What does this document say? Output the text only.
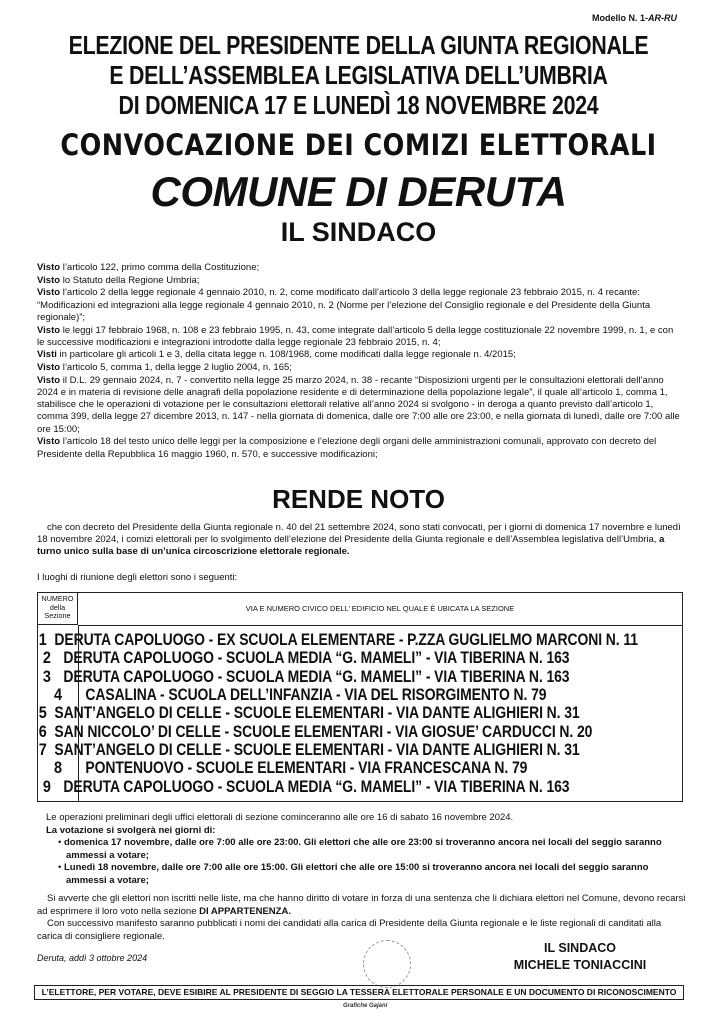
Modello N. 1-AR-RU
ELEZIONE DEL PRESIDENTE DELLA GIUNTA REGIONALE
E DELL’ASSEMBLEA LEGISLATIVA DELL’UMBRIA
DI DOMENICA 17 E LUNEDÌ 18 NOVEMBRE 2024
CONVOCAZIONE DEI COMIZI ELETTORALI
COMUNE DI DERUTA
IL SINDACO

Visto l’articolo 122, primo comma della Costituzione;

Visto lo Statuto della Regione Umbria;

Visto l’articolo 2 della legge regionale 4 gennaio 2010, n. 2, come modificato dall’articolo 3 della legge regionale 23 febbraio 2015, n. 4 recante: “Modificazioni ed integrazioni alla legge regionale 4 gennaio 2010, n. 2 (Norme per l’elezione del Consiglio regionale e del Presidente della Giunta regionale)”;

Visto le leggi 17 febbraio 1968, n. 108 e 23 febbraio 1995, n. 43, come integrate dall’articolo 5 della legge costituzionale 22 novembre 1999, n. 1, e con le successive modificazioni e integrazioni introdotte dalla legge regionale 23 febbraio 2015, n. 4;

Visti in particolare gli articoli 1 e 3, della citata legge n. 108/1968, come modificati dalla legge regionale n. 4/2015;

Visto l’articolo 5, comma 1, della legge 2 luglio 2004, n. 165;

Visto il D.L. 29 gennaio 2024, n. 7 - convertito nella legge 25 marzo 2024, n. 38 - recante “Disposizioni urgenti per le consultazioni elettorali dell’anno 2024 e in materia di revisione delle anagrafi della popolazione residente e di determinazione della popolazione legale”, il quale all’articolo 1, comma 1, stabilisce che le operazioni di votazione per le consultazioni elettorali relative all’anno 2024 si svolgono - in deroga a quanto previsto dall’articolo 1, comma 399, della legge 27 dicembre 2013, n. 147 - nella giornata di domenica, dalle ore 7:00 alle ore 23:00, e nella giornata di lunedì, dalle ore 7:00 alle ore 15:00;

Visto l’articolo 18 del testo unico delle leggi per la composizione e l’elezione degli organi delle amministrazioni comunali, approvato con decreto del Presidente della Repubblica 16 maggio 1960, n. 570, e successive modificazioni;

RENDE NOTO
che con decreto del Presidente della Giunta regionale n. 40 del 21 settembre 2024, sono stati convocati, per i giorni di domenica 17 novembre e lunedì 18 novembre 2024, i comizi elettorali per lo svolgimento dell’elezione del Presidente della Giunta regionale e dell’Assemblea legislativa dell’Umbria, a turno unico sulla base di un’unica circoscrizione elettorale regionale.
I luoghi di riunione degli elettori sono i seguenti:
NUMERO
della
Sezione
VIA E NUMERO CIVICO DELL’ EDIFICIO NEL QUALE È UBICATA LA SEZIONE
1 DERUTA CAPOLUOGO - EX SCUOLA ELEMENTARE - P.ZZA GUGLIELMO MARCONI N. 11
2 DERUTA CAPOLUOGO - SCUOLA MEDIA “G. MAMELI” - VIA TIBERINA N. 163
3 DERUTA CAPOLUOGO - SCUOLA MEDIA “G. MAMELI” - VIA TIBERINA N. 163
4	CASALINA - SCUOLA DELL’INFANZIA - VIA DEL RISORGIMENTO N. 79
5 SANT’ANGELO DI CELLE - SCUOLE ELEMENTARI - VIA DANTE ALIGHIERI N. 31
6 SAN NICCOLO’ DI CELLE - SCUOLE ELEMENTARI - VIA GIOSUE’ CARDUCCI N. 20
7 SANT’ANGELO DI CELLE - SCUOLE ELEMENTARI - VIA DANTE ALIGHIERI N. 31
8	PONTENUOVO - SCUOLE ELEMENTARI - VIA FRANCESCANA N. 79
9 DERUTA CAPOLUOGO - SCUOLA MEDIA “G. MAMELI” - VIA TIBERINA N. 163

Le operazioni preliminari degli uffici elettorali di sezione cominceranno alle ore 16 di sabato 16 novembre 2024.

La votazione si svolgerà nei giorni di:

• domenica 17 novembre, dalle ore 7:00 alle ore 23:00. Gli elettori che alle ore 23:00 si troveranno ancora nei locali del seggio saranno ammessi a votare;

• Lunedì 18 novembre, dalle ore 7:00 alle ore 15:00. Gli elettori che alle ore 15:00 si troveranno ancora nei locali del seggio saranno ammessi a votare;

Si avverte che gli elettori non iscritti nelle liste, ma che hanno diritto di votare in forza di una sentenza che li dichiara elettori nel Comune, devono recarsi ad esprimere il loro voto nella sezione DI APPARTENENZA.

Con successivo manifesto saranno pubblicati i nomi dei candidati alla carica di Presidente della Giunta regionale e le liste regionali di canditati alla carica di consigliere regionale.

Deruta, addì 3 ottobre 2024
IL SINDACO
MICHELE TONIACCINI
L’ELETTORE, PER VOTARE, DEVE ESIBIRE AL PRESIDENTE DI SEGGIO LA TESSERA ELETTORALE PERSONALE E UN DOCUMENTO DI RICONOSCIMENTO
Grafiche Gajani
